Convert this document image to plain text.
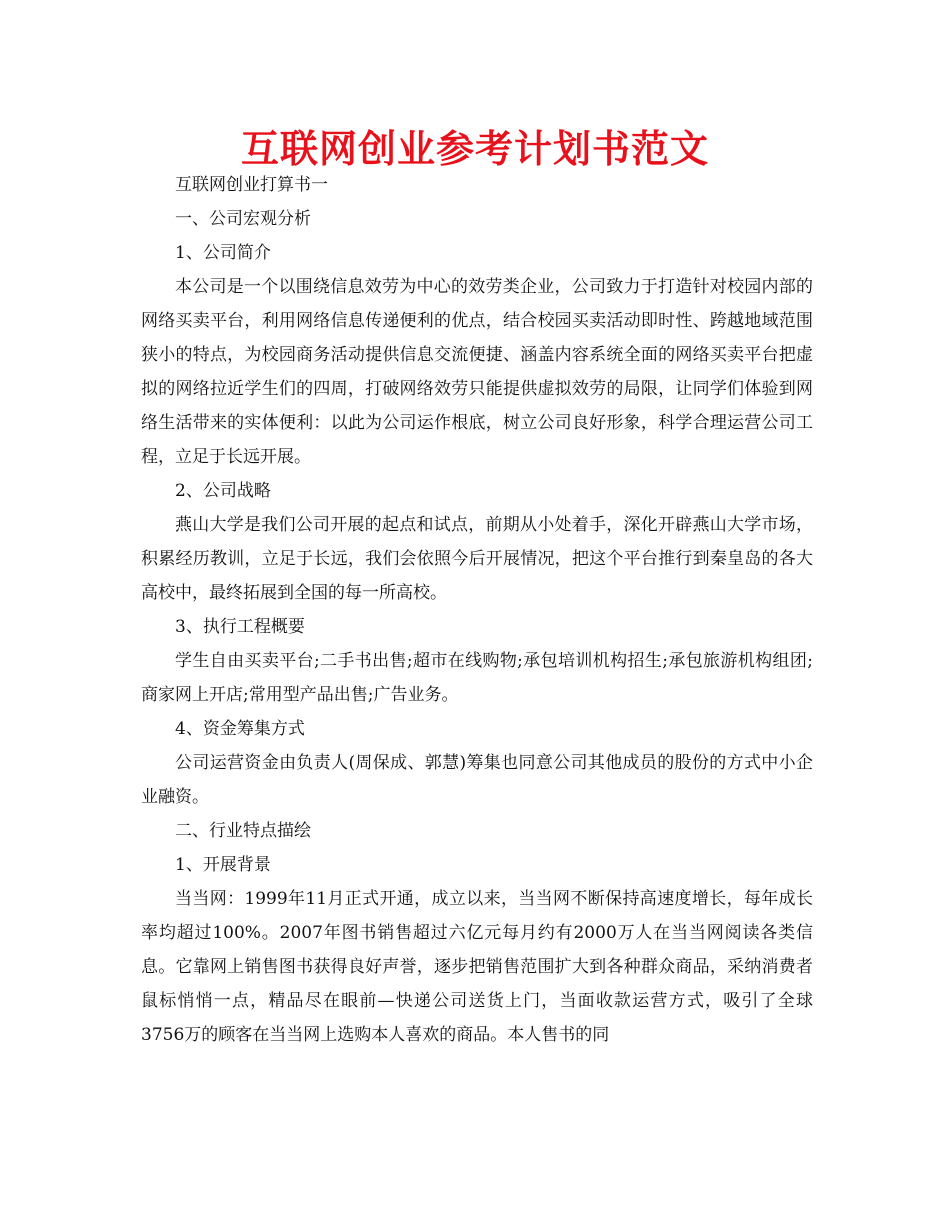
互联网创业参考计划书范文

互联网创业打算书一

一、公司宏观分析

1、公司简介

本公司是一个以围绕信息效劳为中心的效劳类企业，公司致力于打造针对校园内部的网络买卖平台，利用网络信息传递便利的优点，结合校园买卖活动即时性、跨越地域范围狭小的特点，为校园商务活动提供信息交流便捷、涵盖内容系统全面的网络买卖平台把虚拟的网络拉近学生们的四周，打破网络效劳只能提供虚拟效劳的局限，让同学们体验到网络生活带来的实体便利：以此为公司运作根底，树立公司良好形象，科学合理运营公司工程，立足于长远开展。

2、公司战略

燕山大学是我们公司开展的起点和试点，前期从小处着手，深化开辟燕山大学市场，积累经历教训，立足于长远，我们会依照今后开展情况，把这个平台推行到秦皇岛的各大高校中，最终拓展到全国的每一所高校。

3、执行工程概要

学生自由买卖平台;二手书出售;超市在线购物;承包培训机构招生;承包旅游机构组团;商家网上开店;常用型产品出售;广告业务。

4、资金筹集方式

公司运营资金由负责人(周保成、郭慧)筹集也同意公司其他成员的股份的方式中小企业融资。

二、行业特点描绘

1、开展背景

当当网：1999年11月正式开通，成立以来，当当网不断保持高速度增长，每年成长率均超过100%。2007年图书销售超过六亿元每月约有2000万人在当当网阅读各类信息。它靠网上销售图书获得良好声誉，逐步把销售范围扩大到各种群众商品，采纳消费者鼠标悄悄一点，精品尽在眼前—快递公司送货上门，当面收款运营方式，吸引了全球3756万的顾客在当当网上选购本人喜欢的商品。本人售书的同
